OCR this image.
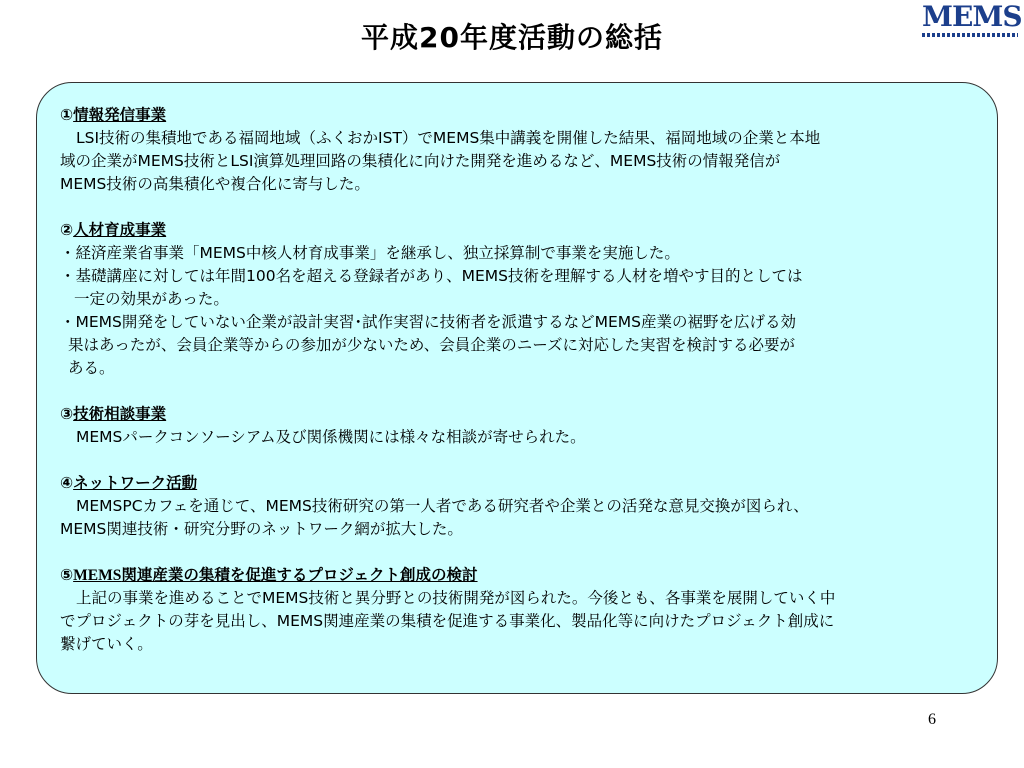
平成20年度活動の総括
MEMS

①情報発信事業

LSI技術の集積地である福岡地域（ふくおかIST）でMEMS集中講義を開催した結果、福岡地域の企業と本地

域の企業がMEMS技術とLSI演算処理回路の集積化に向けた開発を進めるなど、MEMS技術の情報発信が

MEMS技術の高集積化や複合化に寄与した。

②人材育成事業

・経済産業省事業「MEMS中核人材育成事業」を継承し、独立採算制で事業を実施した。

・基礎講座に対しては年間100名を超える登録者があり、MEMS技術を理解する人材を増やす目的としては

一定の効果があった。

・MEMS開発をしていない企業が設計実習･試作実習に技術者を派遣するなどMEMS産業の裾野を広げる効

果はあったが、会員企業等からの参加が少ないため、会員企業のニーズに対応した実習を検討する必要が

ある。

③技術相談事業

MEMSパークコンソーシアム及び関係機関には様々な相談が寄せられた。

④ネットワーク活動

MEMSPCカフェを通じて、MEMS技術研究の第一人者である研究者や企業との活発な意見交換が図られ、

MEMS関連技術・研究分野のネットワーク網が拡大した。

⑤MEMS関連産業の集積を促進するプロジェクト創成の検討

上記の事業を進めることでMEMS技術と異分野との技術開発が図られた。今後とも、各事業を展開していく中

でプロジェクトの芽を見出し、MEMS関連産業の集積を促進する事業化、製品化等に向けたプロジェクト創成に

繋げていく。

6
